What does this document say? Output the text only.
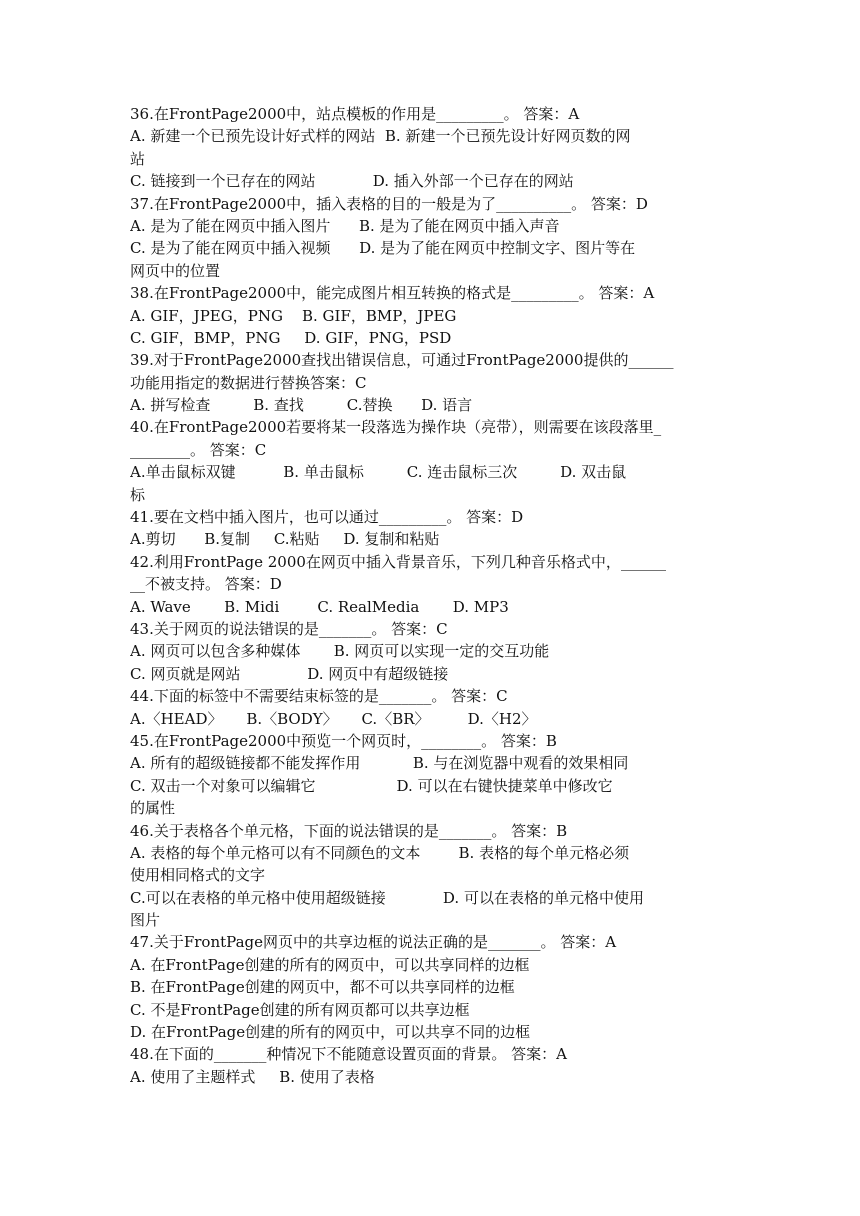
36.在FrontPage2000中，站点模板的作用是_________。 答案：A
A. 新建一个已预先设计好式样的网站  B. 新建一个已预先设计好网页数的网
站
C. 链接到一个已存在的网站            D. 插入外部一个已存在的网站
37.在FrontPage2000中，插入表格的目的一般是为了__________。 答案：D
A. 是为了能在网页中插入图片      B. 是为了能在网页中插入声音
C. 是为了能在网页中插入视频      D. 是为了能在网页中控制文字、图片等在
网页中的位置
38.在FrontPage2000中，能完成图片相互转换的格式是_________。 答案：A
A. GIF，JPEG，PNG    B. GIF，BMP，JPEG
C. GIF，BMP，PNG     D. GIF，PNG，PSD
39.对于FrontPage2000查找出错误信息，可通过FrontPage2000提供的______
功能用指定的数据进行替换答案：C
A. 拼写检查         B. 查找         C.替换      D. 语言
40.在FrontPage2000若要将某一段落选为操作块（亮带），则需要在该段落里_
________。 答案：C
A.单击鼠标双键          B. 单击鼠标         C. 连击鼠标三次         D. 双击鼠
标
41.要在文档中插入图片，也可以通过_________。 答案：D
A.剪切      B.复制     C.粘贴     D. 复制和粘贴
42.利用FrontPage 2000在网页中插入背景音乐，下列几种音乐格式中，______
__不被支持。 答案：D
A. Wave       B. Midi        C. RealMedia       D. MP3
43.关于网页的说法错误的是_______。 答案：C
A. 网页可以包含多种媒体       B. 网页可以实现一定的交互功能
C. 网页就是网站              D. 网页中有超级链接
44.下面的标签中不需要结束标签的是_______。 答案：C
A.〈HEAD〉     B.〈BODY〉     C.〈BR〉        D.〈H2〉
45.在FrontPage2000中预览一个网页时，________。 答案：B
A. 所有的超级链接都不能发挥作用           B. 与在浏览器中观看的效果相同
C. 双击一个对象可以编辑它                 D. 可以在右键快捷菜单中修改它
的属性
46.关于表格各个单元格，下面的说法错误的是_______。 答案：B
A. 表格的每个单元格可以有不同颜色的文本        B. 表格的每个单元格必须
使用相同格式的文字
C.可以在表格的单元格中使用超级链接            D. 可以在表格的单元格中使用
图片
47.关于FrontPage网页中的共享边框的说法正确的是_______。 答案：A
A. 在FrontPage创建的所有的网页中，可以共享同样的边框
B. 在FrontPage创建的网页中，都不可以共享同样的边框
C. 不是FrontPage创建的所有网页都可以共享边框
D. 在FrontPage创建的所有的网页中，可以共享不同的边框
48.在下面的_______种情况下不能随意设置页面的背景。 答案：A
A. 使用了主题样式     B. 使用了表格
